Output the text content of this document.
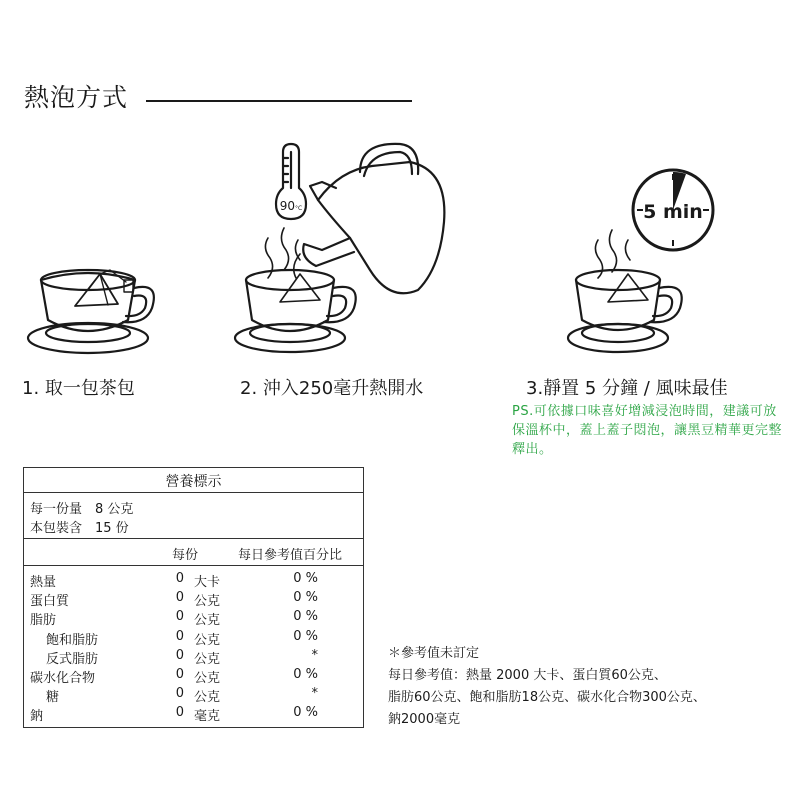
熱泡方式
90°C	5 min
1. 取一包茶包	2. 沖入250毫升熱開水	3.靜置 5 分鐘 / 風味最佳
PS.可依據口味喜好增減浸泡時間，建議可放保溫杯中，蓋上蓋子悶泡，讓黑豆精華更完整釋出。
營養標示
每一份量　8 公克
本包裝含　15 份
每份	每日參考值百分比
熱量	0 大卡	0 %
蛋白質	0 公克	0 %
脂肪	0 公克	0 %
飽和脂肪	0 公克	0 %
反式脂肪	0 公克	*
碳水化合物	0 公克	0 %
糖	0 公克	*
鈉	0 毫克	0 %
＊參考值未訂定
每日參考值：熱量 2000 大卡、蛋白質60公克、
脂肪60公克、飽和脂肪18公克、碳水化合物300公克、
鈉2000毫克
